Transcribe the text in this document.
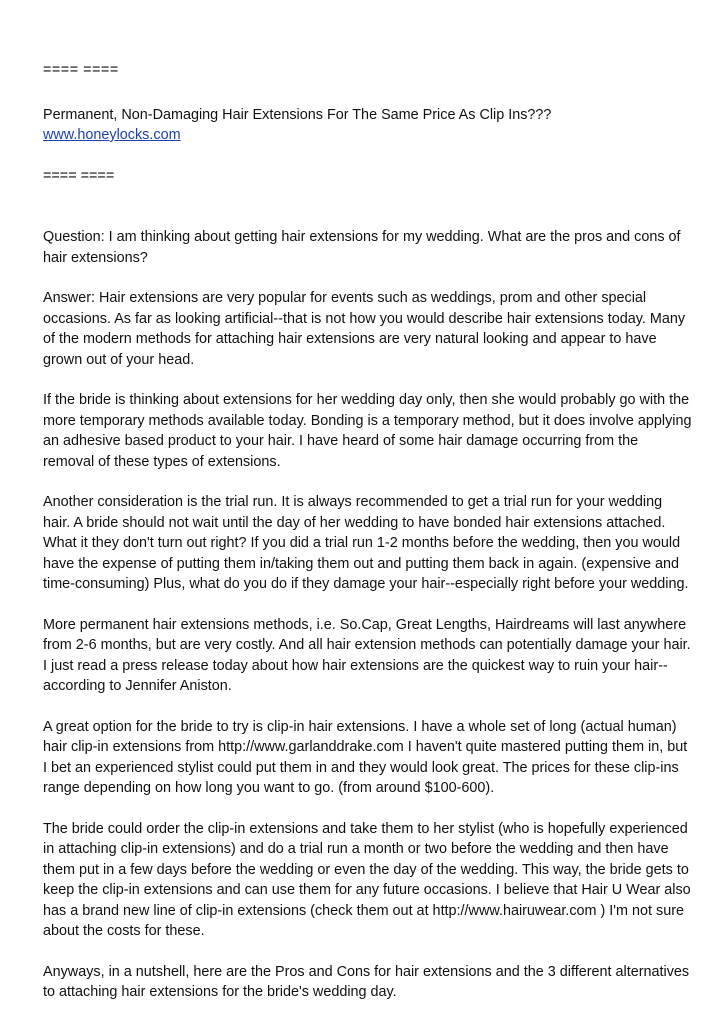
==== ====
Permanent, Non-Damaging Hair Extensions For The Same Price As Clip Ins???
www.honeylocks.com
==== ====

Question: I am thinking about getting hair extensions for my wedding. What are the pros and cons of hair extensions?

Answer: Hair extensions are very popular for events such as weddings, prom and other special occasions. As far as looking artificial--that is not how you would describe hair extensions today. Many of the modern methods for attaching hair extensions are very natural looking and appear to have grown out of your head.

If the bride is thinking about extensions for her wedding day only, then she would probably go with the more temporary methods available today. Bonding is a temporary method, but it does involve applying an adhesive based product to your hair. I have heard of some hair damage occurring from the removal of these types of extensions.

Another consideration is the trial run. It is always recommended to get a trial run for your wedding hair. A bride should not wait until the day of her wedding to have bonded hair extensions attached. What it they don't turn out right? If you did a trial run 1-2 months before the wedding, then you would have the expense of putting them in/taking them out and putting them back in again. (expensive and time-consuming) Plus, what do you do if they damage your hair--especially right before your wedding.

More permanent hair extensions methods, i.e. So.Cap, Great Lengths, Hairdreams will last anywhere from 2-6 months, but are very costly. And all hair extension methods can potentially damage your hair. I just read a press release today about how hair extensions are the quickest way to ruin your hair--according to Jennifer Aniston.

A great option for the bride to try is clip-in hair extensions. I have a whole set of long (actual human) hair clip-in extensions from http://www.garlanddrake.com I haven't quite mastered putting them in, but I bet an experienced stylist could put them in and they would look great. The prices for these clip-ins range depending on how long you want to go. (from around $100-600).

The bride could order the clip-in extensions and take them to her stylist (who is hopefully experienced in attaching clip-in extensions) and do a trial run a month or two before the wedding and then have them put in a few days before the wedding or even the day of the wedding. This way, the bride gets to keep the clip-in extensions and can use them for any future occasions. I believe that Hair U Wear also has a brand new line of clip-in extensions (check them out at http://www.hairuwear.com ) I'm not sure about the costs for these.

Anyways, in a nutshell, here are the Pros and Cons for hair extensions and the 3 different alternatives to attaching hair extensions for the bride's wedding day.
